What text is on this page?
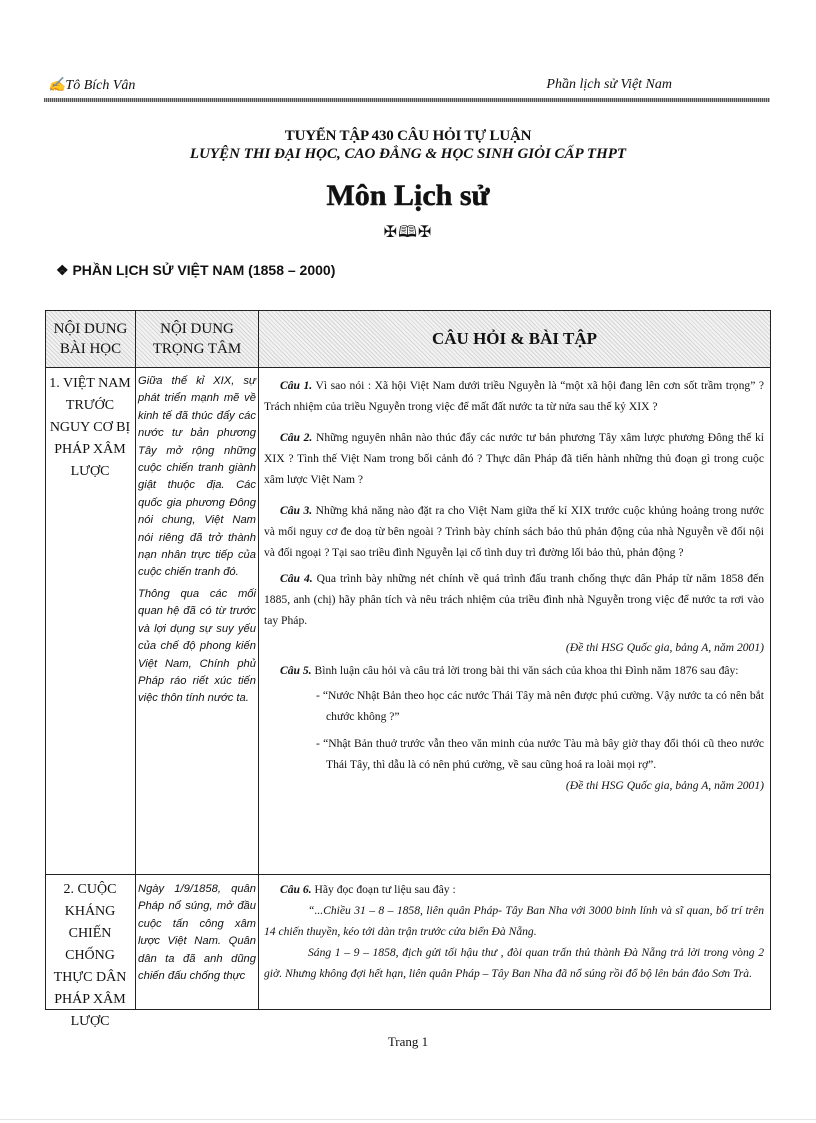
✍Tô Bích Vân	Phần lịch sử Việt Nam
TUYỂN TẬP 430 CÂU HỎI TỰ LUẬN
LUYỆN THI ĐẠI HỌC, CAO ĐẲNG & HỌC SINH GIỎI CẤP THPT
Môn Lịch sử
✠🕮✠
❖ PHẦN LỊCH SỬ VIỆT NAM (1858 – 2000)
NỘI DUNG BÀI HỌC
NỘI DUNG TRỌNG TÂM
CÂU HỎI & BÀI TẬP
1. VIỆT NAM TRƯỚC NGUY CƠ BỊ PHÁP XÂM LƯỢC

Giữa thế kỉ XIX, sự phát triển mạnh mẽ về kinh tế đã thúc đẩy các nước tư bản phương Tây mở rộng những cuộc chiến tranh giành giật thuộc địa. Các quốc gia phương Đông nói chung, Việt Nam nói riêng đã trở thành nạn nhân trực tiếp của cuộc chiến tranh đó.

Thông qua các mối quan hệ đã có từ trước và lợi dụng sự suy yếu của chế độ phong kiến Việt Nam, Chính phủ Pháp ráo riết xúc tiến việc thôn tính nước ta.

Câu 1. Vì sao nói : Xã hội Việt Nam dưới triều Nguyễn là “một xã hội đang lên cơn sốt trầm trọng” ? Trách nhiệm của triều Nguyễn trong việc để mất đất nước ta từ nửa sau thế kỷ XIX ?

Câu 2. Những nguyên nhân nào thúc đẩy các nước tư bản phương Tây xâm lược phương Đông thế kỉ XIX ? Tình thế Việt Nam trong bối cảnh đó ? Thực dân Pháp đã tiến hành những thủ đoạn gì trong cuộc xâm lược Việt Nam ?

Câu 3. Những khả năng nào đặt ra cho Việt Nam giữa thế kỉ XIX trước cuộc khủng hoảng trong nước và mối nguy cơ đe doạ từ bên ngoài ? Trình bày chính sách bảo thủ phản động của nhà Nguyễn về đối nội và đối ngoại ? Tại sao triều đình Nguyễn lại cố tình duy trì đường lối bảo thủ, phản động ?

Câu 4. Qua trình bày những nét chính về quá trình đấu tranh chống thực dân Pháp từ năm 1858 đến 1885, anh (chị) hãy phân tích và nêu trách nhiệm của triều đình nhà Nguyễn trong việc để nước ta rơi vào tay Pháp.

(Đề thi HSG Quốc gia, bảng A, năm 2001)

Câu 5. Bình luận câu hỏi và câu trả lời trong bài thi văn sách của khoa thi Đình năm 1876 sau đây:

- “Nước Nhật Bản theo học các nước Thái Tây mà nên được phú cường. Vậy nước ta có nên bắt chước không ?”

- “Nhật Bản thuở trước vẫn theo văn minh của nước Tàu mà bây giờ thay đổi thói cũ theo nước Thái Tây, thì dẫu là có nên phú cường, về sau cũng hoá ra loài mọi rợ”.

(Đề thi HSG Quốc gia, bảng A, năm 2001)

2. CUỘC KHÁNG CHIẾN CHỐNG THỰC DÂN PHÁP XÂM LƯỢC

Ngày 1/9/1858, quân Pháp nổ súng, mở đầu cuộc tấn công xâm lược Việt Nam. Quân dân ta đã anh dũng chiến đấu chống thực

Câu 6. Hãy đọc đoạn tư liệu sau đây :

“...Chiều 31 – 8 – 1858, liên quân Pháp- Tây Ban Nha với 3000 binh lính và sĩ quan, bố trí trên 14 chiến thuyền, kéo tới dàn trận trước cửa biển Đà Nẵng.

Sáng 1 – 9 – 1858, địch gửi tối hậu thư , đòi quan trấn thủ thành Đà Nẵng trả lời trong vòng 2 giờ. Nhưng không đợi hết hạn, liên quân Pháp – Tây Ban Nha đã nổ súng rồi đổ bộ lên bán đảo Sơn Trà.

Trang 1
